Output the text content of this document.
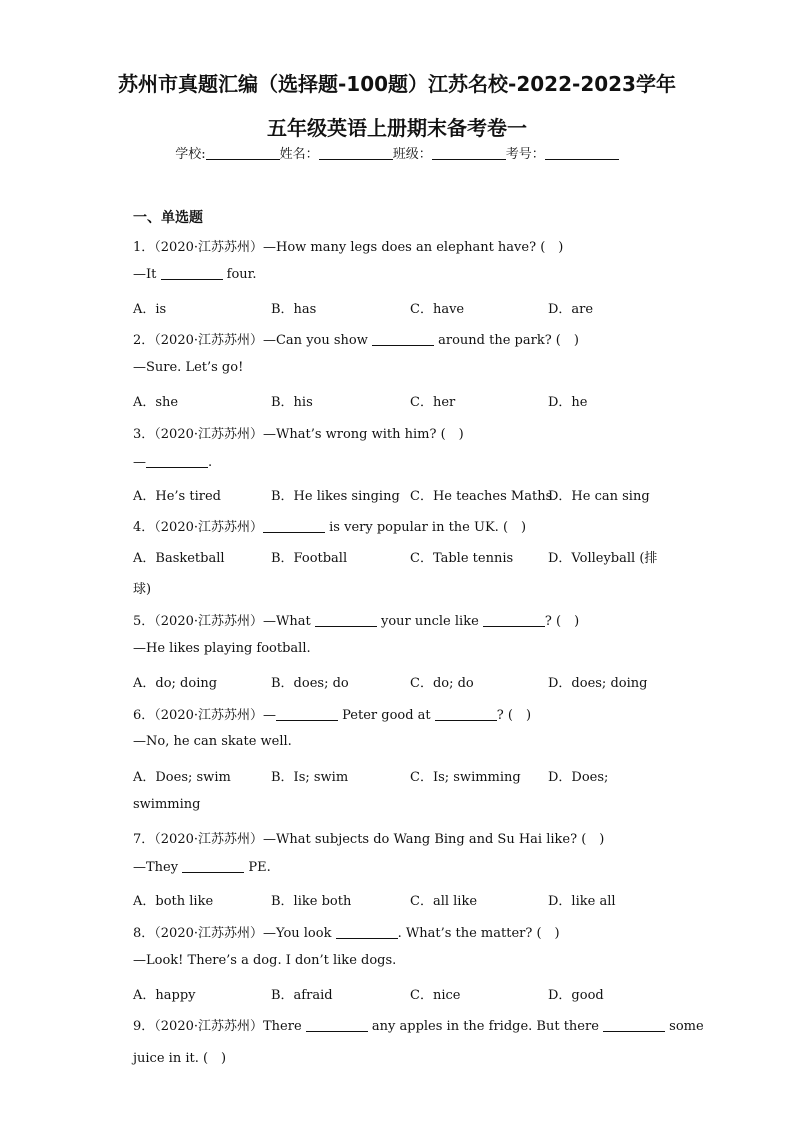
苏州市真题汇编（选择题-100题）江苏名校-2022-2023学年
五年级英语上册期末备考卷一
学校:	姓名：	班级：	考号：
一、单选题
1．（2020·江苏苏州）—How many legs does an elephant have? (　)
—It	four.
A．is	B．has	C．have	D．are
2．（2020·江苏苏州）—Can you show	around the park? (　)
—Sure. Let’s go!
A．she	B．his	C．her	D．he
3．（2020·江苏苏州）—What’s wrong with him? (　)
—	.
A．He’s tired	B．He likes singing C．He teaches Maths
D．He can sing
4．（2020·江苏苏州）	is very popular in the UK. (　)
A．Basketball	B．Football	C．Table tennis	D．Volleyball (排
球)
5．（2020·江苏苏州）—What	your uncle like	? (　)
—He likes playing football.
A．do; doing	B．does; do	C．do; do	D．does; doing
6．（2020·江苏苏州）—	Peter good at	? (　)
—No, he can skate well.
A．Does; swim	B．Is; swim	C．Is; swimming D．Does;
swimming
7．（2020·江苏苏州）—What subjects do Wang Bing and Su Hai like? (　)
—They	PE.
A．both like	B．like both	C．all like	D．like all
8．（2020·江苏苏州）—You look	. What’s the matter? (　)
—Look! There’s a dog. I don’t like dogs.
A．happy	B．afraid	C．nice	D．good
9．（2020·江苏苏州）There	any apples in the fridge. But there	some
juice in it. (　)
